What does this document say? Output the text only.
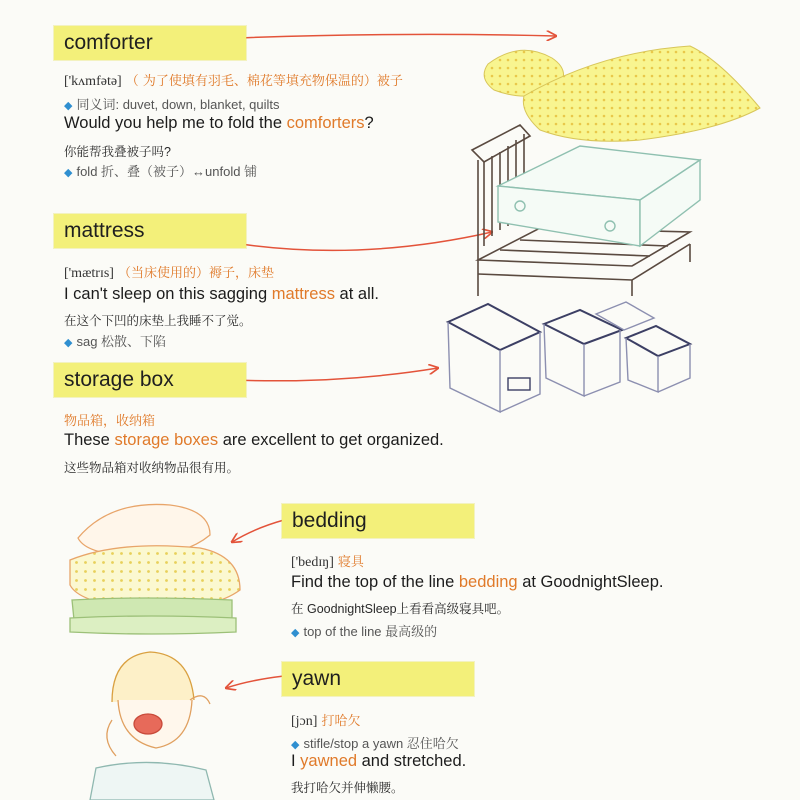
comforter
['kʌmfətə] （ 为了使填有羽毛、棉花等填充物保温的）被子
◆ 同义词: duvet, down, blanket, quilts
Would you help me to fold the comforters?
你能帮我叠被子吗?
◆ fold 折、叠（被子）↔unfold 铺
mattress
['mætrɪs] （当床使用的）褥子，床垫
I can't sleep on this sagging mattress at all.
在这个下凹的床垫上我睡不了觉。
◆ sag 松散、下陷
storage box
物品箱，收纳箱
These storage boxes are excellent to get organized.
这些物品箱对收纳物品很有用。
bedding
['bedɪŋ] 寝具
Find the top of the line bedding at GoodnightSleep.
在 GoodnightSleep上看看高级寝具吧。
◆ top of the line 最高级的
yawn
[jɔn] 打哈欠
◆ stifle/stop a yawn 忍住哈欠
I yawned and stretched.
我打哈欠并伸懒腰。
